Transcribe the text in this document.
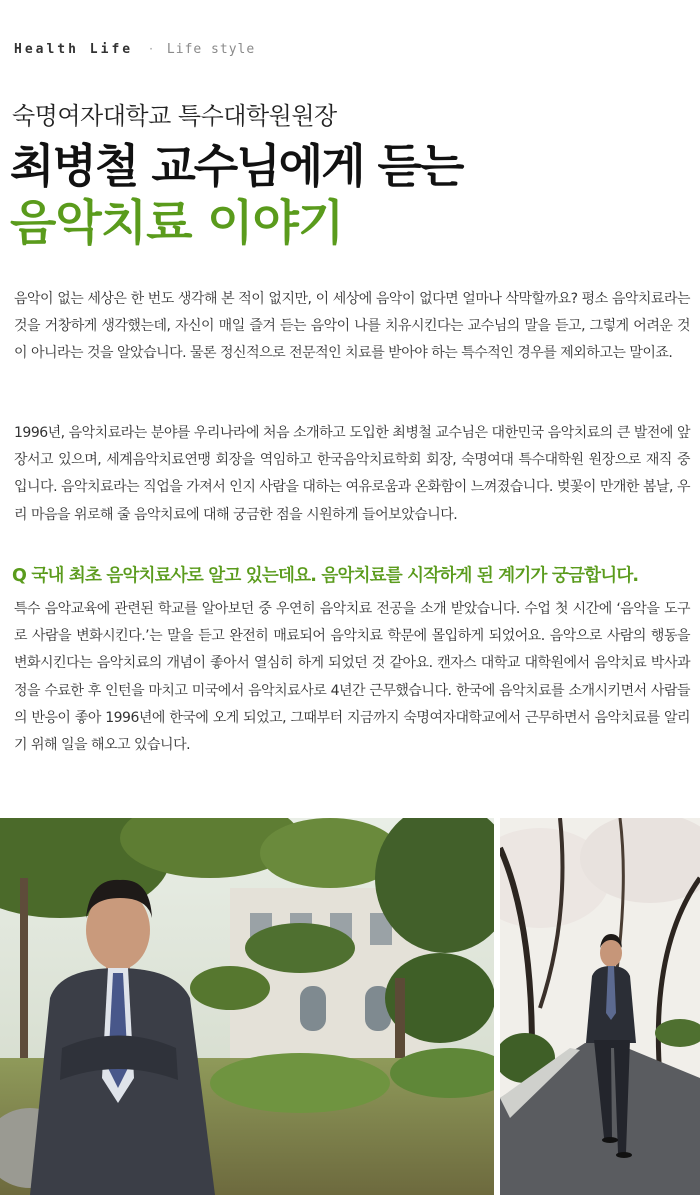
Health Life · Life style
숙명여자대학교 특수대학원원장
최병철 교수님에게 듣는
음악치료 이야기

음악이 없는 세상은 한 번도 생각해 본 적이 없지만, 이 세상에 음악이 없다면 얼마나 삭막할까요? 평소 음악치료라는 것을 거창하게 생각했는데, 자신이 매일 즐겨 듣는 음악이 나를 치유시킨다는 교수님의 말을 듣고, 그렇게 어려운 것이 아니라는 것을 알았습니다. 물론 정신적으로 전문적인 치료를 받아야 하는 특수적인 경우를 제외하고는 말이죠.

1996년, 음악치료라는 분야를 우리나라에 처음 소개하고 도입한 최병철 교수님은 대한민국 음악치료의 큰 발전에 앞장서고 있으며, 세계음악치료연맹 회장을 역임하고 한국음악치료학회 회장, 숙명여대 특수대학원 원장으로 재직 중입니다. 음악치료라는 직업을 가져서 인지 사람을 대하는 여유로움과 온화함이 느껴졌습니다. 벚꽃이 만개한 봄날, 우리 마음을 위로해 줄 음악치료에 대해 궁금한 점을 시원하게 들어보았습니다.

Q 국내 최초 음악치료사로 알고 있는데요. 음악치료를 시작하게 된 계기가 궁금합니다.

특수 음악교육에 관련된 학교를 알아보던 중 우연히 음악치료 전공을 소개 받았습니다. 수업 첫 시간에 ‘음악을 도구로 사람을 변화시킨다.’는 말을 듣고 완전히 매료되어 음악치료 학문에 몰입하게 되었어요. 음악으로 사람의 행동을 변화시킨다는 음악치료의 개념이 좋아서 열심히 하게 되었던 것 같아요. 캔자스 대학교 대학원에서 음악치료 박사과정을 수료한 후 인턴을 마치고 미국에서 음악치료사로 4년간 근무했습니다. 한국에 음악치료를 소개시키면서 사람들의 반응이 좋아 1996년에 한국에 오게 되었고, 그때부터 지금까지 숙명여자대학교에서 근무하면서 음악치료를 알리기 위해 일을 해오고 있습니다.
